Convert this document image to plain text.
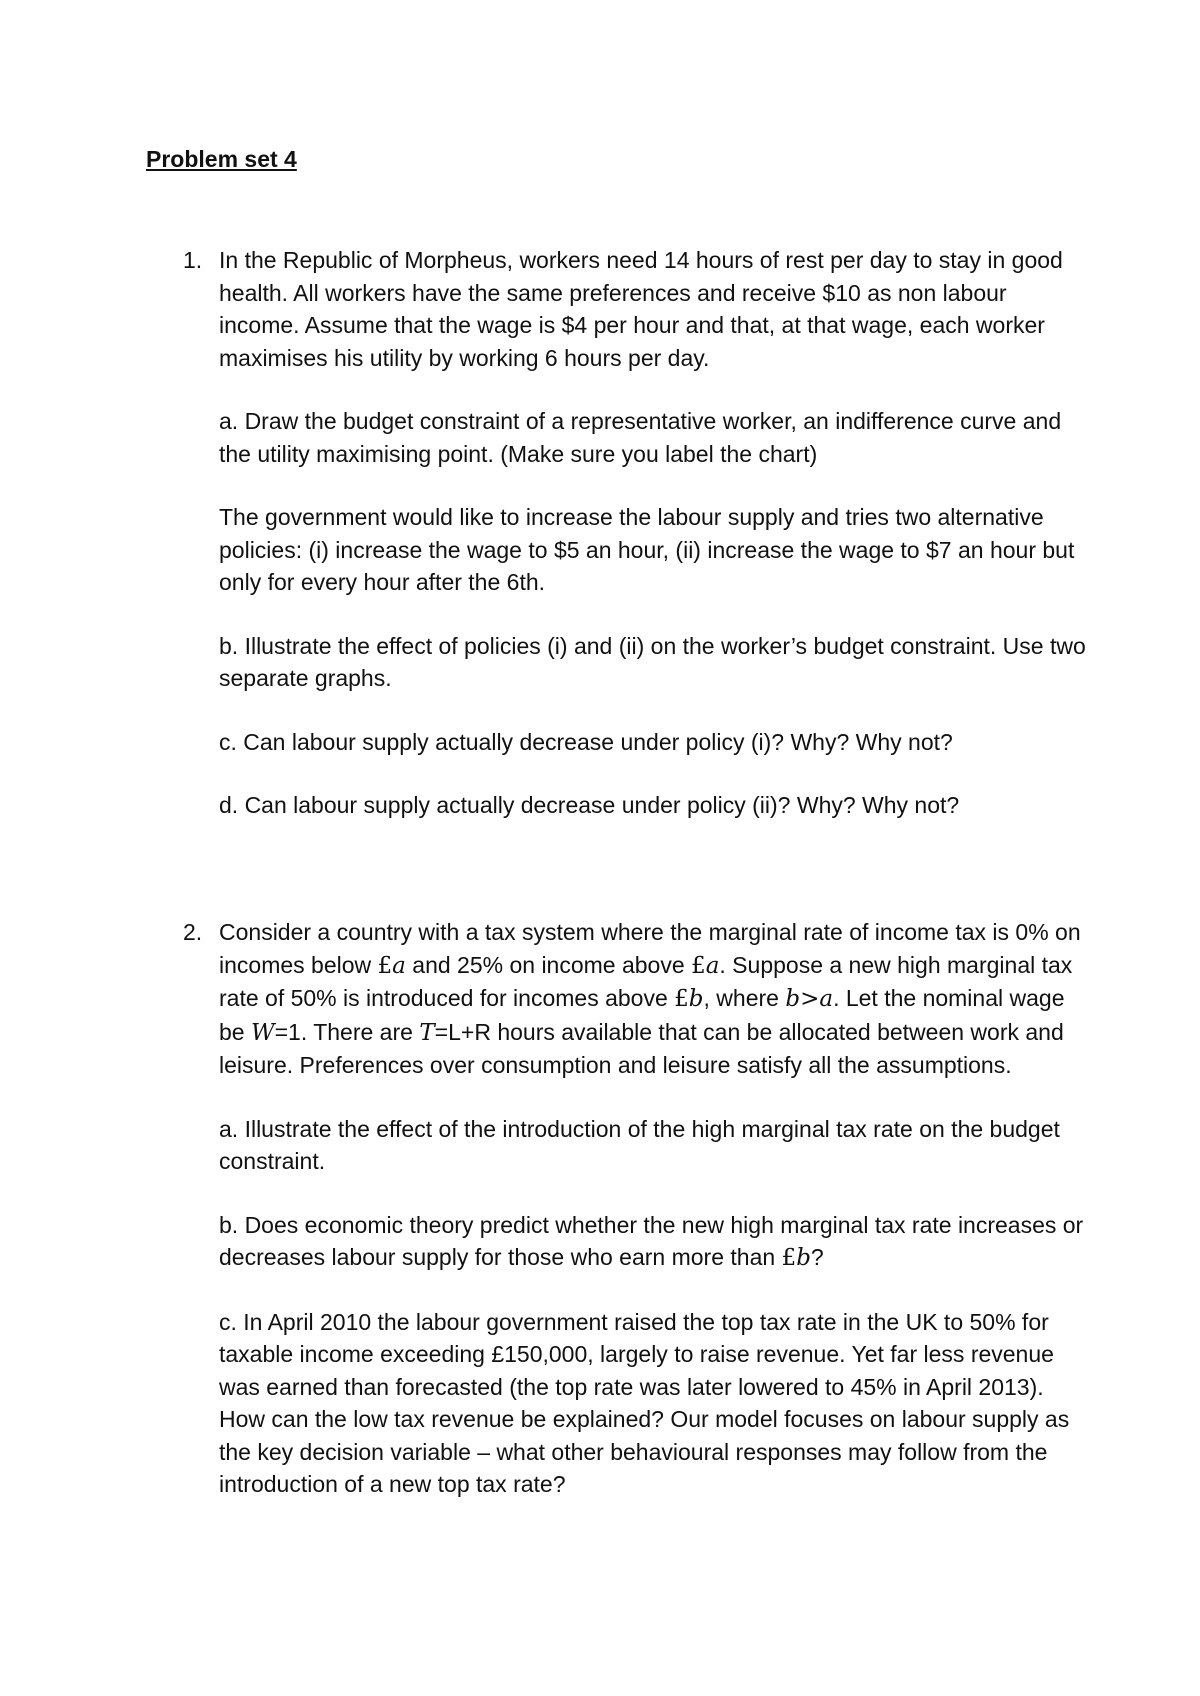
Problem set 4
1. In the Republic of Morpheus, workers need 14 hours of rest per day to stay in good health. All workers have the same preferences and receive $10 as non labour income. Assume that the wage is $4 per hour and that, at that wage, each worker maximises his utility by working 6 hours per day.

a. Draw the budget constraint of a representative worker, an indifference curve and the utility maximising point. (Make sure you label the chart)

The government would like to increase the labour supply and tries two alternative policies: (i) increase the wage to $5 an hour, (ii) increase the wage to $7 an hour but only for every hour after the 6th.

b. Illustrate the effect of policies (i) and (ii) on the worker’s budget constraint. Use two separate graphs.

c. Can labour supply actually decrease under policy (i)? Why? Why not?

d. Can labour supply actually decrease under policy (ii)? Why? Why not?

2. Consider a country with a tax system where the marginal rate of income tax is 0% on incomes below £a and 25% on income above £a. Suppose a new high marginal tax rate of 50% is introduced for incomes above £b, where b>a. Let the nominal wage be W=1. There are T=L+R hours available that can be allocated between work and leisure. Preferences over consumption and leisure satisfy all the assumptions.

a. Illustrate the effect of the introduction of the high marginal tax rate on the budget constraint.

b. Does economic theory predict whether the new high marginal tax rate increases or decreases labour supply for those who earn more than £b?

c. In April 2010 the labour government raised the top tax rate in the UK to 50% for taxable income exceeding £150,000, largely to raise revenue. Yet far less revenue was earned than forecasted (the top rate was later lowered to 45% in April 2013). How can the low tax revenue be explained? Our model focuses on labour supply as the key decision variable – what other behavioural responses may follow from the introduction of a new top tax rate?
